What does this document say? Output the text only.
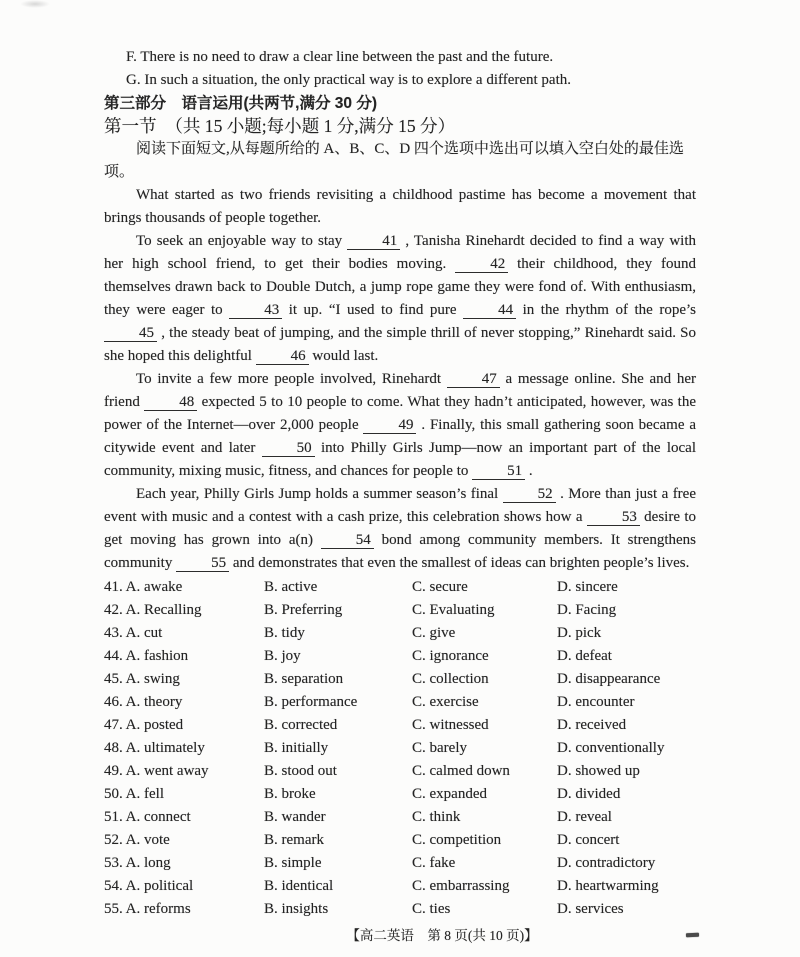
F. There is no need to draw a clear line between the past and the future.

G. In such a situation, the only practical way is to explore a different path.

第三部分　语言运用(共两节,满分 30 分)
第一节　（共 15 小题;每小题 1 分,满分 15 分）

阅读下面短文,从每题所给的 A、B、C、D 四个选项中选出可以填入空白处的最佳选项。

What started as two friends revisiting a childhood pastime has become a movement that brings thousands of people together.

To seek an enjoyable way to stay 41 , Tanisha Rinehardt decided to find a way with her high school friend, to get their bodies moving. 42 their childhood, they found themselves drawn back to Double Dutch, a jump rope game they were fond of. With enthusiasm, they were eager to 43 it up. “I used to find pure 44 in the rhythm of the rope’s 45 , the steady beat of jumping, and the simple thrill of never stopping,” Rinehardt said. So she hoped this delightful 46 would last.

To invite a few more people involved, Rinehardt 47 a message online. She and her friend 48 expected 5 to 10 people to come. What they hadn’t anticipated, however, was the power of the Internet—over 2,000 people 49 . Finally, this small gathering soon became a citywide event and later 50 into Philly Girls Jump—now an important part of the local community, mixing music, fitness, and chances for people to 51 .

Each year, Philly Girls Jump holds a summer season’s final 52 . More than just a free event with music and a contest with a cash prize, this celebration shows how a 53 desire to get moving has grown into a(n) 54 bond among community members. It strengthens community 55 and demonstrates that even the smallest of ideas can brighten people’s lives.

41. A. awake	B. active	C. secure	D. sincere
42. A. Recalling	B. Preferring	C. Evaluating	D. Facing
43. A. cut	B. tidy	C. give	D. pick
44. A. fashion	B. joy	C. ignorance	D. defeat
45. A. swing	B. separation	C. collection	D. disappearance
46. A. theory	B. performance	C. exercise	D. encounter
47. A. posted	B. corrected	C. witnessed	D. received
48. A. ultimately	B. initially	C. barely	D. conventionally
49. A. went away	B. stood out	C. calmed down	D. showed up
50. A. fell	B. broke	C. expanded	D. divided
51. A. connect	B. wander	C. think	D. reveal
52. A. vote	B. remark	C. competition	D. concert
53. A. long	B. simple	C. fake	D. contradictory
54. A. political	B. identical	C. embarrassing	D. heartwarming
55. A. reforms	B. insights	C. ties	D. services
【高二英语　第 8 页(共 10 页)】
